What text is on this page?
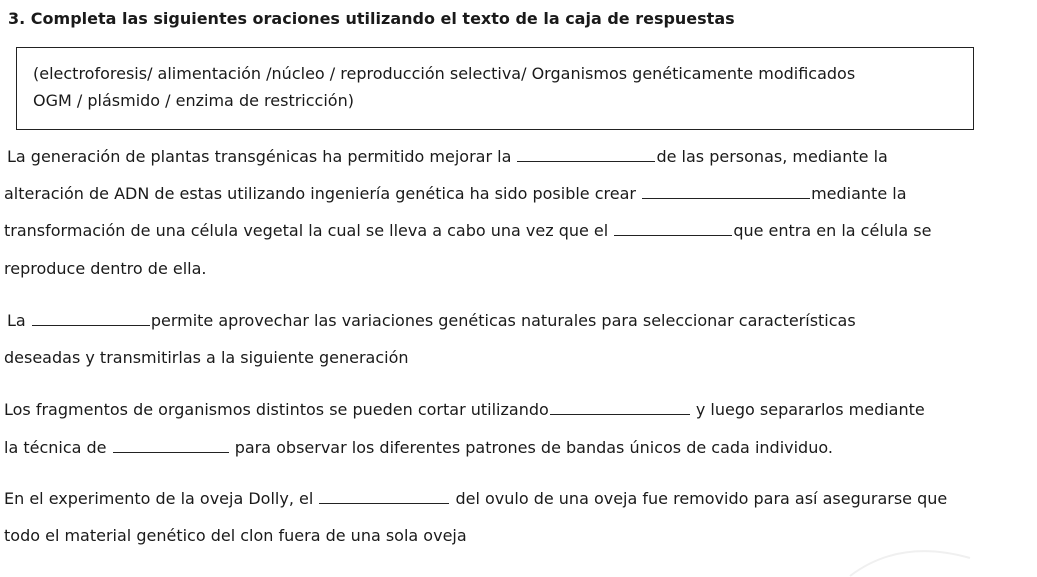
3. Completa las siguientes oraciones utilizando el texto de la caja de respuestas
(electroforesis/ alimentación /núcleo / reproducción selectiva/ Organismos genéticamente modificados
OGM / plásmido / enzima de restricción)
La generación de plantas transgénicas ha permitido mejorar la	de las personas, mediante la
alteración de ADN de estas utilizando ingeniería genética ha sido posible crear	mediante la
transformación de una célula vegetal la cual se lleva a cabo una vez que el	que entra en la célula se
reproduce dentro de ella.
La	permite aprovechar las variaciones genéticas naturales para seleccionar características
deseadas y transmitirlas a la siguiente generación
Los fragmentos de organismos distintos se pueden cortar utilizando	y luego separarlos mediante
la técnica de	para observar los diferentes patrones de bandas únicos de cada individuo.
En el experimento de la oveja Dolly, el	del ovulo de una oveja fue removido para así asegurarse que
todo el material genético del clon fuera de una sola oveja
